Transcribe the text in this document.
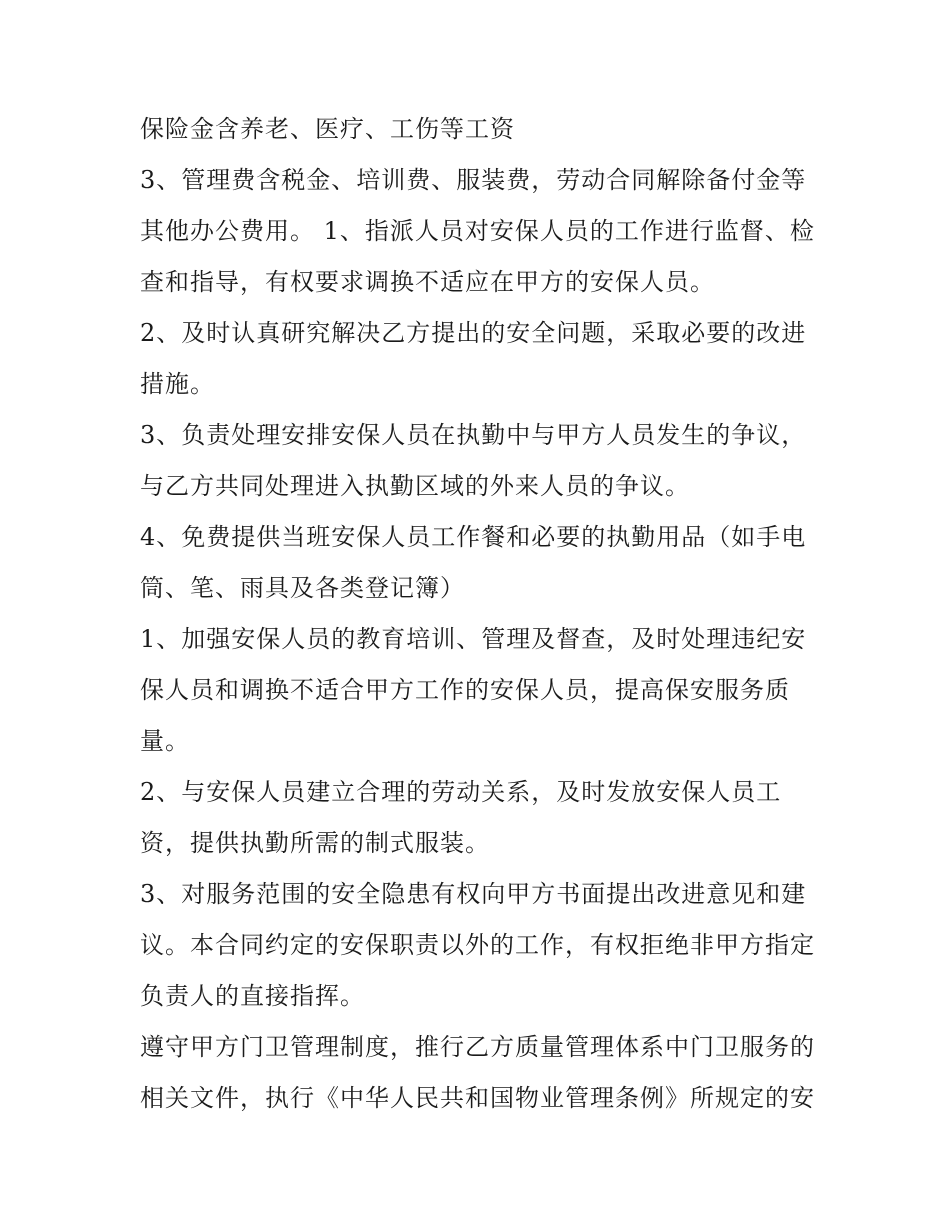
保险金含养老、医疗、工伤等工资
3、管理费含税金、培训费、服装费，劳动合同解除备付金等
其他办公费用。 1、指派人员对安保人员的工作进行监督、检
查和指导，有权要求调换不适应在甲方的安保人员。
2、及时认真研究解决乙方提出的安全问题，采取必要的改进
措施。
3、负责处理安排安保人员在执勤中与甲方人员发生的争议，
与乙方共同处理进入执勤区域的外来人员的争议。
4、免费提供当班安保人员工作餐和必要的执勤用品（如手电
筒、笔、雨具及各类登记簿）
1、加强安保人员的教育培训、管理及督查，及时处理违纪安
保人员和调换不适合甲方工作的安保人员，提高保安服务质
量。
2、与安保人员建立合理的劳动关系，及时发放安保人员工
资，提供执勤所需的制式服装。
3、对服务范围的安全隐患有权向甲方书面提出改进意见和建
议。本合同约定的安保职责以外的工作，有权拒绝非甲方指定
负责人的直接指挥。
遵守甲方门卫管理制度，推行乙方质量管理体系中门卫服务的
相关文件，执行《中华人民共和国物业管理条例》所规定的安
